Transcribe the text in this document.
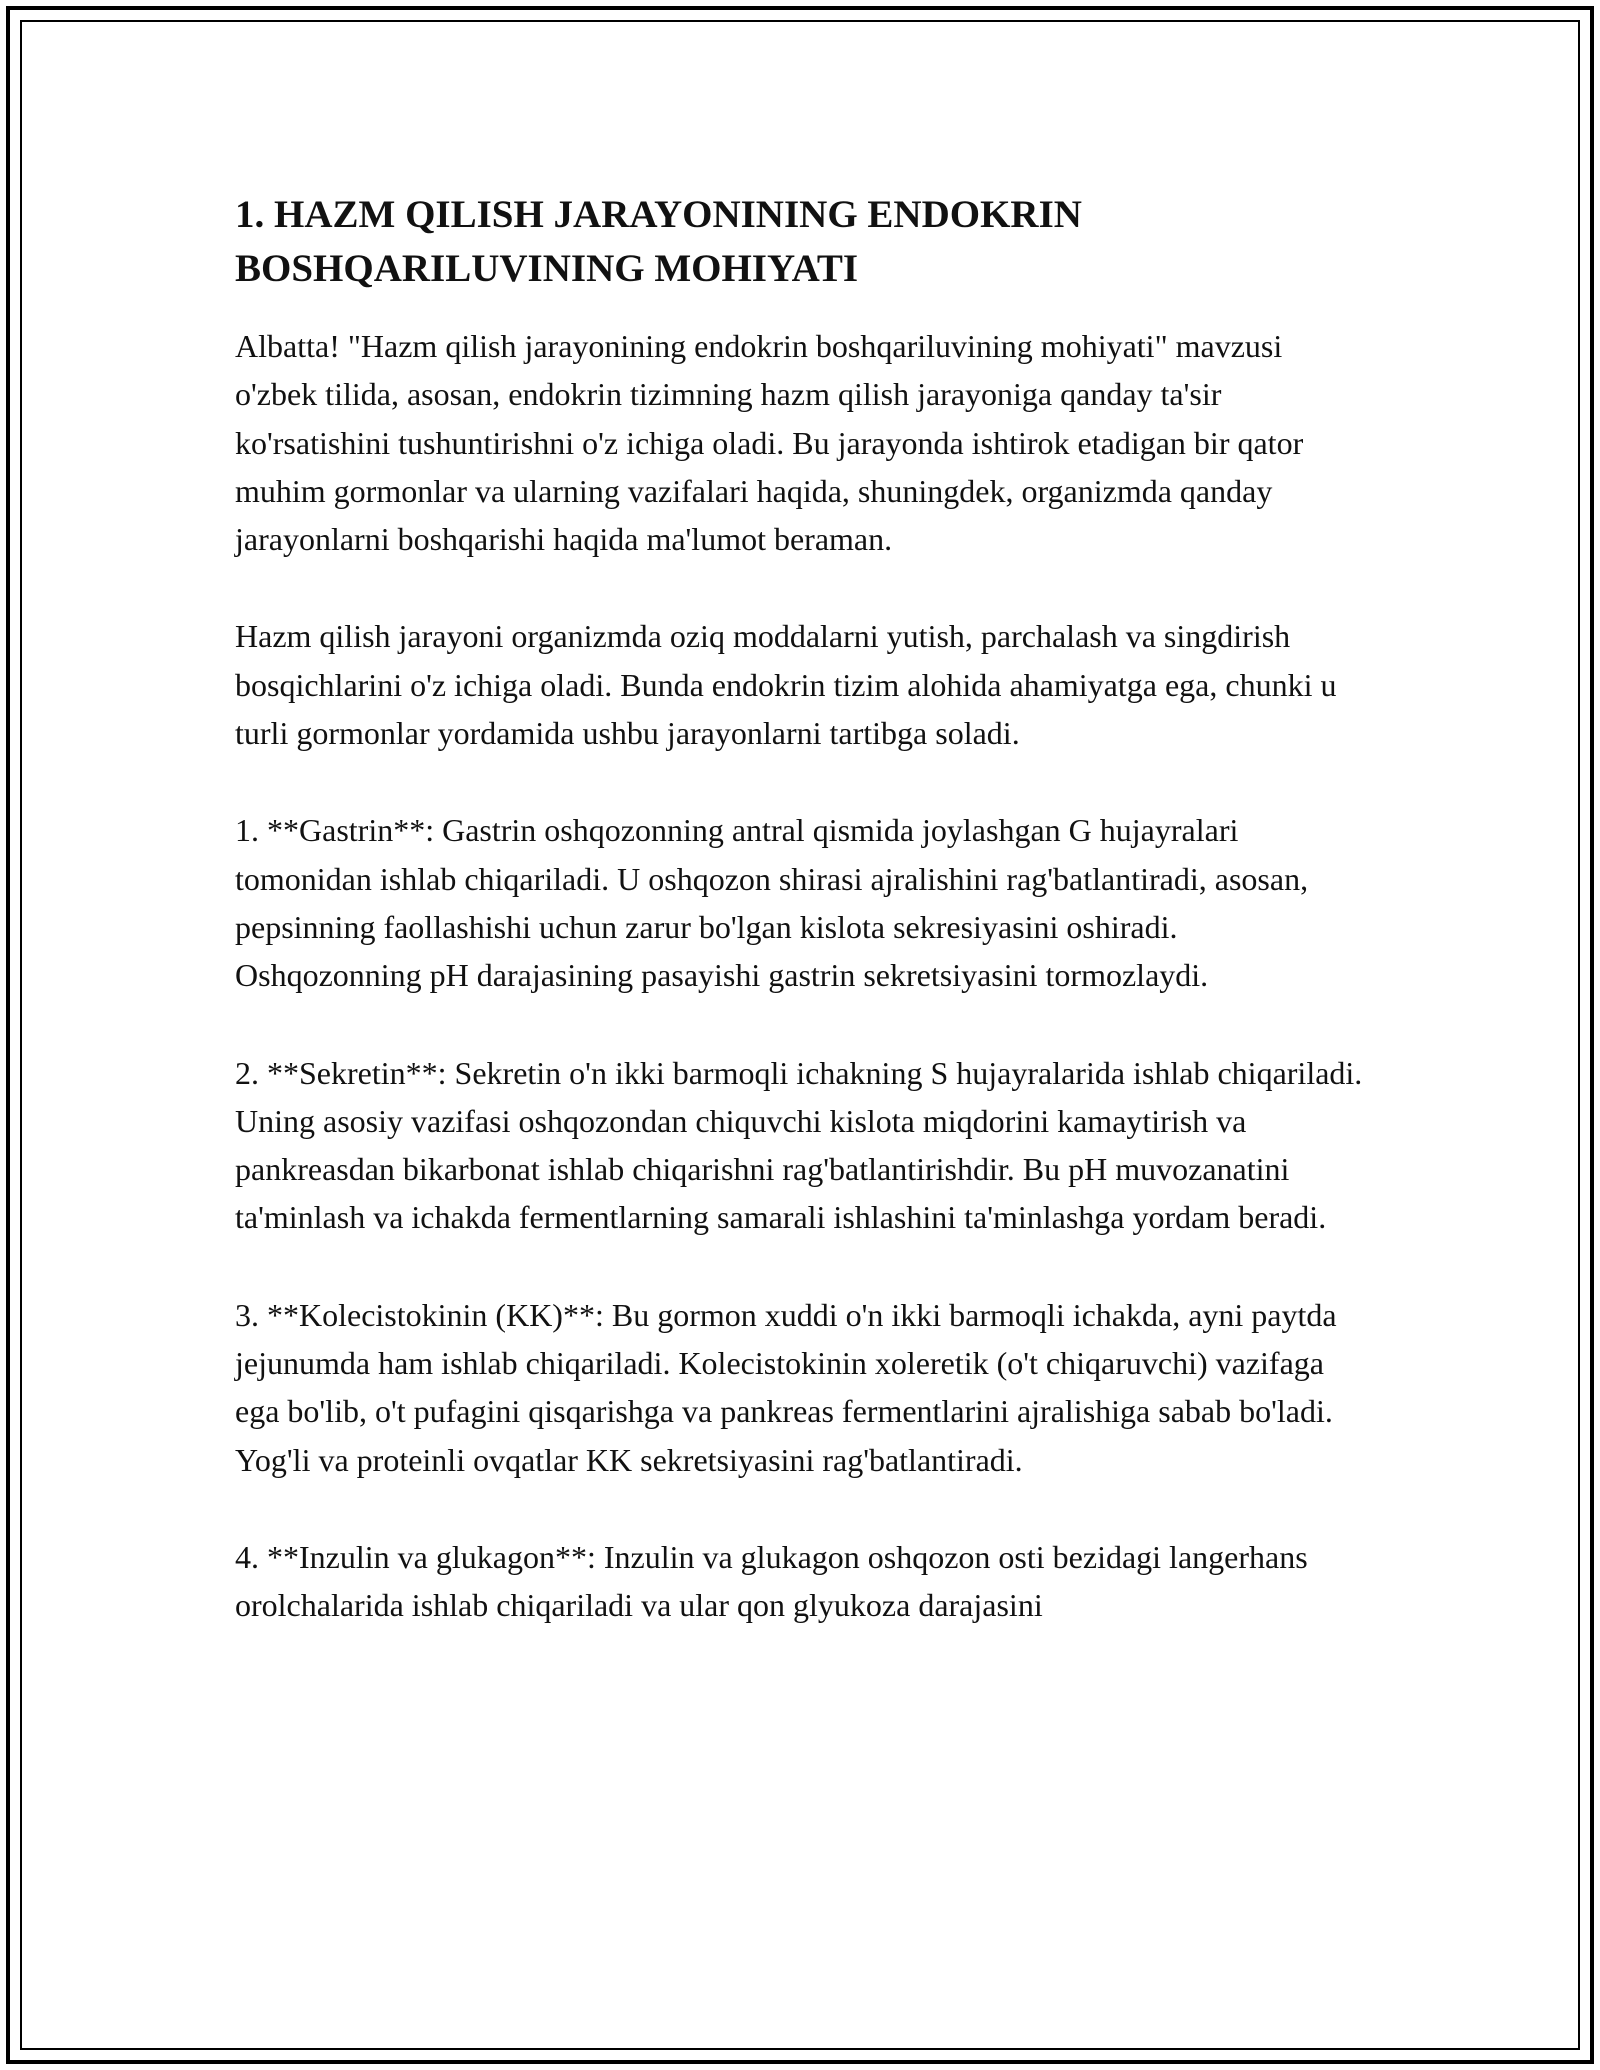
1. HAZM QILISH JARAYONINING ENDOKRIN BOSHQARILUVINING MOHIYATI

Albatta! "Hazm qilish jarayonining endokrin boshqariluvining mohiyati" mavzusi o'zbek tilida, asosan, endokrin tizimning hazm qilish jarayoniga qanday ta'sir ko'rsatishini tushuntirishni o'z ichiga oladi. Bu jarayonda ishtirok etadigan bir qator muhim gormonlar va ularning vazifalari haqida, shuningdek, organizmda qanday jarayonlarni boshqarishi haqida ma'lumot beraman.

Hazm qilish jarayoni organizmda oziq moddalarni yutish, parchalash va singdirish bosqichlarini o'z ichiga oladi. Bunda endokrin tizim alohida ahamiyatga ega, chunki u turli gormonlar yordamida ushbu jarayonlarni tartibga soladi.

1. **Gastrin**: Gastrin oshqozonning antral qismida joylashgan G hujayralari tomonidan ishlab chiqariladi. U oshqozon shirasi ajralishini rag'batlantiradi, asosan, pepsinning faollashishi uchun zarur bo'lgan kislota sekresiyasini oshiradi. Oshqozonning pH darajasining pasayishi gastrin sekretsiyasini tormozlaydi.

2. **Sekretin**: Sekretin o'n ikki barmoqli ichakning S hujayralarida ishlab chiqariladi. Uning asosiy vazifasi oshqozondan chiquvchi kislota miqdorini kamaytirish va pankreasdan bikarbonat ishlab chiqarishni rag'batlantirishdir. Bu pH muvozanatini ta'minlash va ichakda fermentlarning samarali ishlashini ta'minlashga yordam beradi.

3. **Kolecistokinin (KK)**: Bu gormon xuddi o'n ikki barmoqli ichakda, ayni paytda jejunumda ham ishlab chiqariladi. Kolecistokinin xoleretik (o't chiqaruvchi) vazifaga ega bo'lib, o't pufagini qisqarishga va pankreas fermentlarini ajralishiga sabab bo'ladi. Yog'li va proteinli ovqatlar KK sekretsiyasini rag'batlantiradi.

4. **Inzulin va glukagon**: Inzulin va glukagon oshqozon osti bezidagi langerhans orolchalarida ishlab chiqariladi va ular qon glyukoza darajasini
